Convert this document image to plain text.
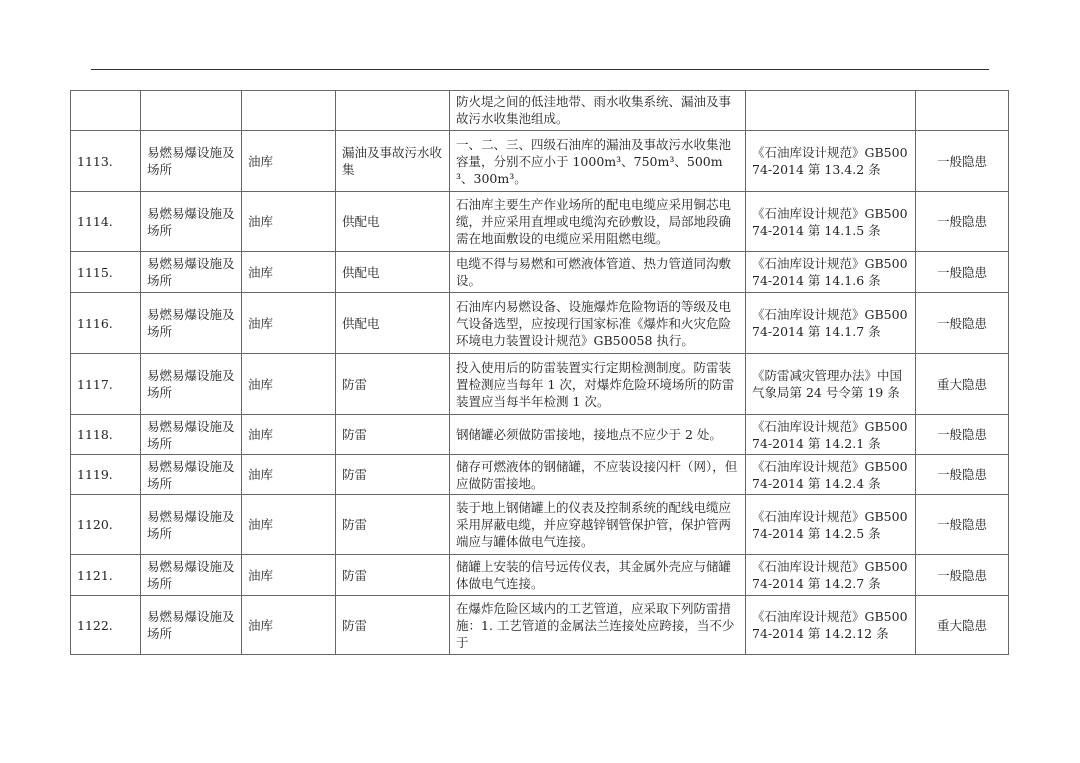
				防火堤之间的低洼地带、雨水收集系统、漏油及事故污水收集池组成。		
1113.	易燃易爆设施及场所	油库	漏油及事故污水收集	一、二、三、四级石油库的漏油及事故污水收集池容量，分别不应小于 1000m³、750m³、500m³、300m³。	《石油库设计规范》GB50074-2014 第 13.4.2 条	一般隐患
1114.	易燃易爆设施及场所	油库	供配电	石油库主要生产作业场所的配电电缆应采用铜芯电缆，并应采用直埋或电缆沟充砂敷设，局部地段确需在地面敷设的电缆应采用阻燃电缆。	《石油库设计规范》GB50074-2014 第 14.1.5 条	一般隐患
1115.	易燃易爆设施及场所	油库	供配电	电缆不得与易燃和可燃液体管道、热力管道同沟敷设。	《石油库设计规范》GB50074-2014 第 14.1.6 条	一般隐患
1116.	易燃易爆设施及场所	油库	供配电	石油库内易燃设备、设施爆炸危险物语的等级及电气设备选型，应按现行国家标准《爆炸和火灾危险环境电力装置设计规范》GB50058 执行。	《石油库设计规范》GB50074-2014 第 14.1.7 条	一般隐患
1117.	易燃易爆设施及场所	油库	防雷	投入使用后的防雷装置实行定期检测制度。防雷装置检测应当每年 1 次，对爆炸危险环境场所的防雷装置应当每半年检测 1 次。	《防雷减灾管理办法》中国气象局第 24 号令第 19 条	重大隐患
1118.	易燃易爆设施及场所	油库	防雷	钢储罐必须做防雷接地，接地点不应少于 2 处。	《石油库设计规范》GB50074-2014 第 14.2.1 条	一般隐患
1119.	易燃易爆设施及场所	油库	防雷	储存可燃液体的钢储罐，不应装设接闪杆（网），但应做防雷接地。	《石油库设计规范》GB50074-2014 第 14.2.4 条	一般隐患
1120.	易燃易爆设施及场所	油库	防雷	装于地上钢储罐上的仪表及控制系统的配线电缆应采用屏蔽电缆，并应穿越锌钢管保护管，保护管两端应与罐体做电气连接。	《石油库设计规范》GB50074-2014 第 14.2.5 条	一般隐患
1121.	易燃易爆设施及场所	油库	防雷	储罐上安装的信号远传仪表，其金属外壳应与储罐体做电气连接。	《石油库设计规范》GB50074-2014 第 14.2.7 条	一般隐患
1122.	易燃易爆设施及场所	油库	防雷	在爆炸危险区域内的工艺管道，应采取下列防雷措施：1. 工艺管道的金属法兰连接处应跨接，当不少于	《石油库设计规范》GB50074-2014 第 14.2.12 条	重大隐患
